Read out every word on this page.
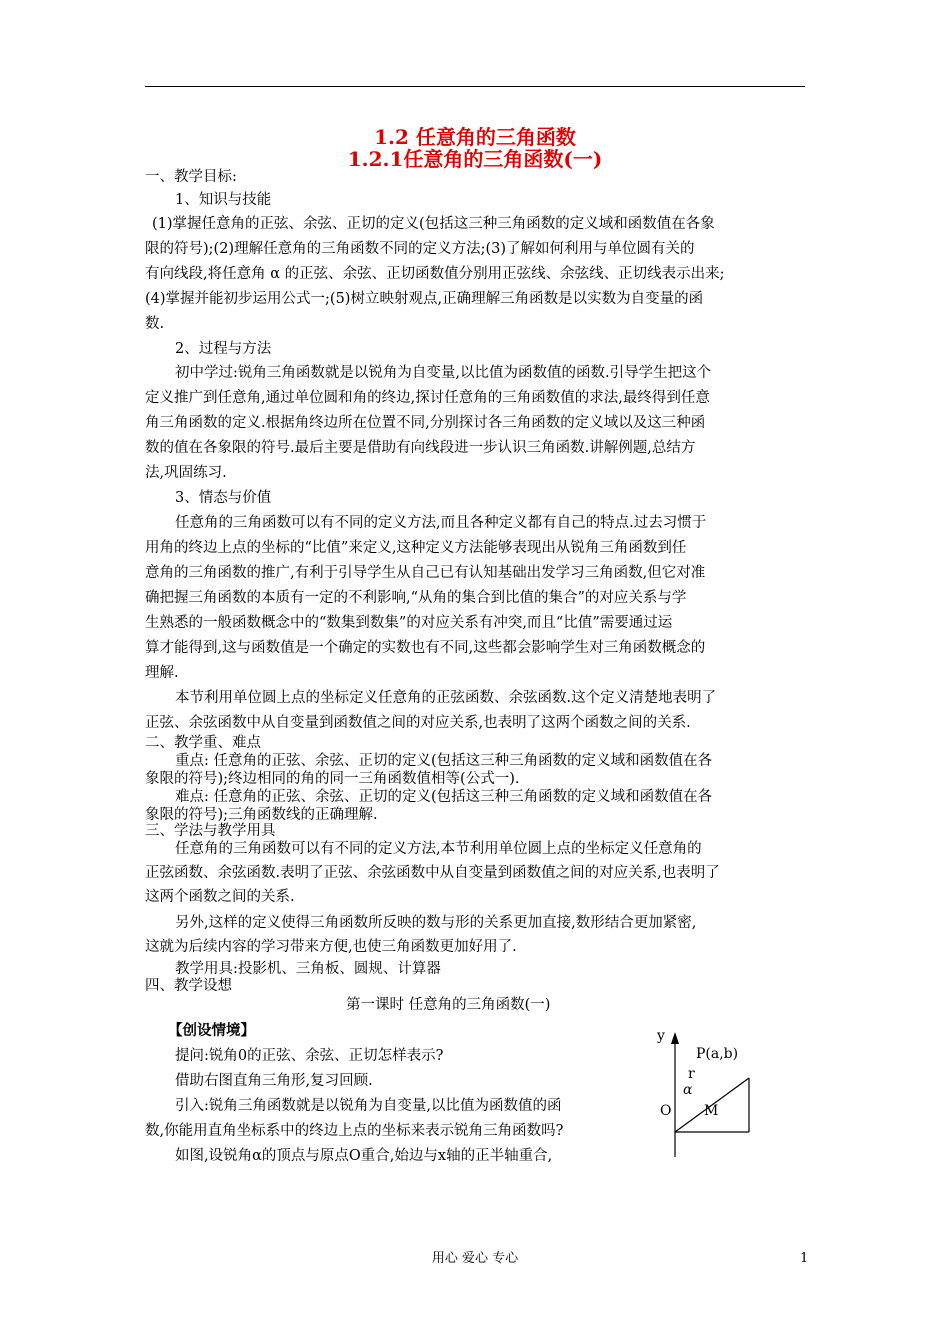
1.2 任意角的三角函数
1.2.1任意角的三角函数(一)
一、教学目标:
1、知识与技能
(1)掌握任意角的正弦、余弦、正切的定义(包括这三种三角函数的定义域和函数值在各象
限的符号);(2)理解任意角的三角函数不同的定义方法;(3)了解如何利用与单位圆有关的
有向线段,将任意角 α 的正弦、余弦、正切函数值分别用正弦线、余弦线、正切线表示出来;
(4)掌握并能初步运用公式一;(5)树立映射观点,正确理解三角函数是以实数为自变量的函
数.
2、过程与方法
初中学过:锐角三角函数就是以锐角为自变量,以比值为函数值的函数.引导学生把这个
定义推广到任意角,通过单位圆和角的终边,探讨任意角的三角函数值的求法,最终得到任意
角三角函数的定义.根据角终边所在位置不同,分别探讨各三角函数的定义域以及这三种函
数的值在各象限的符号.最后主要是借助有向线段进一步认识三角函数.讲解例题,总结方
法,巩固练习.
3、情态与价值
任意角的三角函数可以有不同的定义方法,而且各种定义都有自己的特点.过去习惯于
用角的终边上点的坐标的“比值”来定义,这种定义方法能够表现出从锐角三角函数到任
意角的三角函数的推广,有利于引导学生从自己已有认知基础出发学习三角函数,但它对准
确把握三角函数的本质有一定的不利影响,“从角的集合到比值的集合”的对应关系与学
生熟悉的一般函数概念中的“数集到数集”的对应关系有冲突,而且“比值”需要通过运
算才能得到,这与函数值是一个确定的实数也有不同,这些都会影响学生对三角函数概念的
理解.
本节利用单位圆上点的坐标定义任意角的正弦函数、余弦函数.这个定义清楚地表明了
正弦、余弦函数中从自变量到函数值之间的对应关系,也表明了这两个函数之间的关系.
二、教学重、难点
重点: 任意角的正弦、余弦、正切的定义(包括这三种三角函数的定义域和函数值在各
象限的符号);终边相同的角的同一三角函数值相等(公式一).
难点: 任意角的正弦、余弦、正切的定义(包括这三种三角函数的定义域和函数值在各
象限的符号);三角函数线的正确理解.
三、学法与教学用具
任意角的三角函数可以有不同的定义方法,本节利用单位圆上点的坐标定义任意角的
正弦函数、余弦函数.表明了正弦、余弦函数中从自变量到函数值之间的对应关系,也表明了
这两个函数之间的关系.
另外,这样的定义使得三角函数所反映的数与形的关系更加直接,数形结合更加紧密,
这就为后续内容的学习带来方便,也使三角函数更加好用了.
教学用具:投影机、三角板、圆规、计算器
四、教学设想
第一课时 任意角的三角函数(一)
【创设情境】
提问:锐角0的正弦、余弦、正切怎样表示?
借助右图直角三角形,复习回顾.
引入:锐角三角函数就是以锐角为自变量,以比值为函数值的函
数,你能用直角坐标系中的终边上点的坐标来表示锐角三角函数吗?
如图,设锐角α的顶点与原点O重合,始边与x轴的正半轴重合,
y
P(a,b)
r
α
O M
用心 爱心 专心	1
